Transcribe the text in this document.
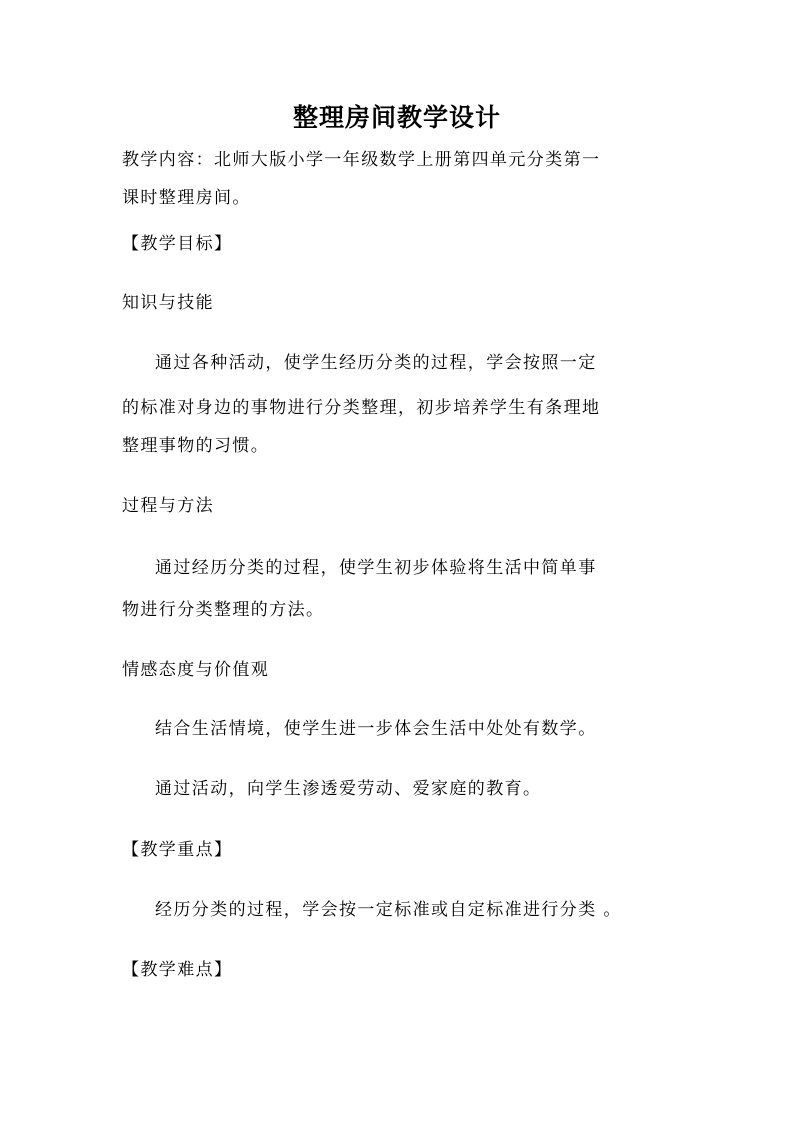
整理房间教学设计
教学内容：北师大版小学一年级数学上册第四单元分类第一
课时整理房间。
【教学目标】
知识与技能
通过各种活动，使学生经历分类的过程，学会按照一定
的标准对身边的事物进行分类整理，初步培养学生有条理地
整理事物的习惯。
过程与方法
通过经历分类的过程，使学生初步体验将生活中简单事
物进行分类整理的方法。
情感态度与价值观
结合生活情境，使学生进一步体会生活中处处有数学。
通过活动，向学生渗透爱劳动、爱家庭的教育。
【教学重点】
经历分类的过程，学会按一定标准或自定标准进行分类 。
【教学难点】
